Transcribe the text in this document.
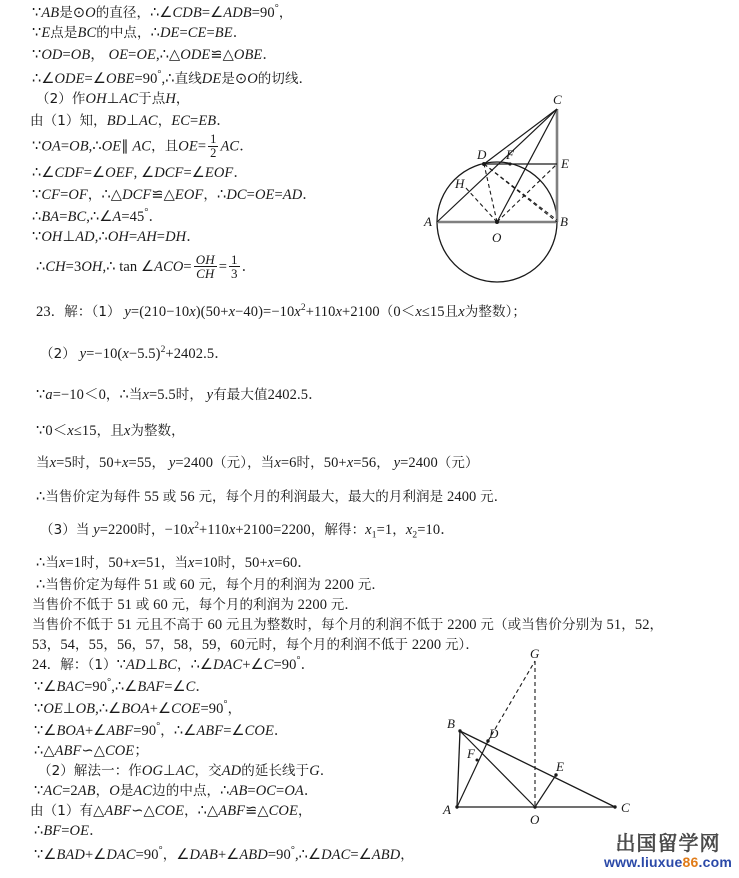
∵AB是⊙O的直径，∴∠CDB=∠ADB=90°，
∵E点是BC的中点，∴DE=CE=BE．
∵OD=OB， OE=OE,∴△ODE≌△OBE．
∴∠ODE=∠OBE=90°,∴直线DE是⊙O的切线．
（2）作OH⊥AC于点H，
由（1）知，BD⊥AC，EC=EB．
∵OA=OB,∴OE∥ AC，且$OE= \frac{1}{2}$ AC．
∴∠CDF=∠OEF, ∠DCF=∠EOF．
∵CF=OF，∴△DCF≌△EOF，∴DC=OE=AD．
∴BA=BC,∴∠A=45°．
∵OH⊥AD,∴OH=AH=DH．
∴CH=3OH,∴ tan ∠ACO= $\frac{OH}{CH} = \frac{1}{3}$ ．
C
E
B
A
D F
H
O
23．解：（1） $y=(210-10x)(50+x-40)=-10x^2+110x+2100(0<x\le 15$且x为整数）；
（2） $y=-10(x-5.5)^2+2402.5$．
∵a=−10＜0，∴当x=5.5时， y有最大值2402.5．
∵0＜x≤15，且x为整数，
当x=5时，50+x=55， y=2400（元），当x=6时，50+x=56， y=2400（元）
∴当售价定为每件 55 或 56 元，每个月的利润最大，最大的月利润是 2400 元．
（3）当 y=2200时，$-10x^2+110x+2100=2200$，解得：$x_1=1$，$x_2=10$．
∴当x=1时，50+x=51，当x=10时，50+x=60．
∴当售价定为每件 51 或 60 元，每个月的利润为 2200 元．
当售价不低于 51 或 60 元，每个月的利润为 2200 元．
当售价不低于 51 元且不高于 60 元且为整数时，每个月的利润不低于 2200 元（或当售价分别为 51，52，
53，54，55，56，57，58，59，60元时，每个月的利润不低于 2200 元）．
24．解：（1）∵AD⊥BC，∴∠DAC+∠C=90°．
∵∠BAC=90°,∴∠BAF=∠C．
∵OE⊥OB,∴∠BOA+∠COE=90°，
∵∠BOA+∠ABF=90°，∴∠ABF=∠COE．
∴△ABF∽△COE；
（2）解法一：作OG⊥AC，交AD的延长线于G．
∵AC=2AB，O是AC边的中点，∴AB=OC=OA．
由（1）有△ABF∽△COE，∴△ABF≌△COE，
∴BF=OE．
∵∠BAD+∠DAC=90°，∠DAB+∠ABD=90°,∴∠DAC=∠ABD，
G
B
D
F
E
A
O
C
出国留学网
www.liuxue86.com
